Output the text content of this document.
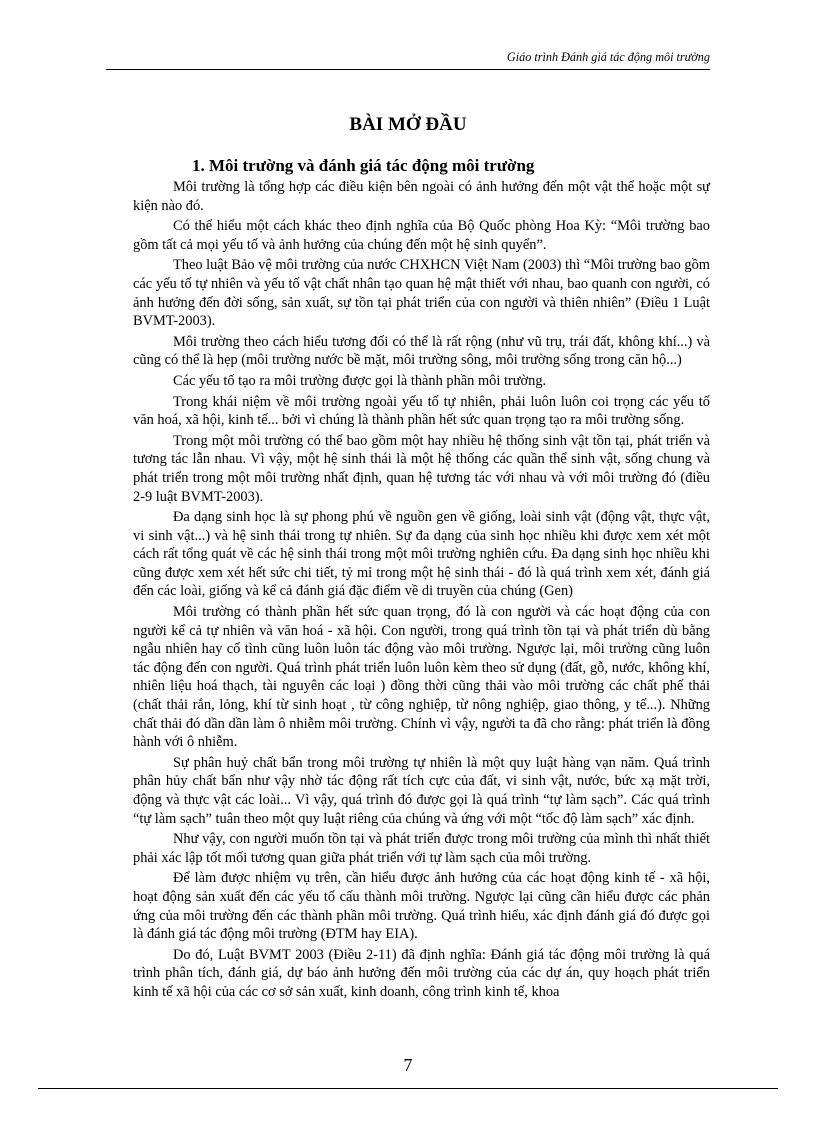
Giáo trình Đánh giá tác động môi trường
BÀI MỞ ĐẦU
1. Môi trường và đánh giá tác động môi trường

Môi trường là tổng hợp các điều kiện bên ngoài có ảnh hưởng đến một vật thể hoặc một sự kiện nào đó.

Có thể hiểu một cách khác theo định nghĩa của Bộ Quốc phòng Hoa Kỳ: “Môi trường bao gồm tất cả mọi yếu tố và ảnh hưởng của chúng đến một hệ sinh quyển”.

Theo luật Bảo vệ môi trường của nước CHXHCN Việt Nam (2003) thì “Môi trường bao gồm các yếu tố tự nhiên và yếu tố vật chất nhân tạo quan hệ mật thiết với nhau, bao quanh con người, có ảnh hưởng đến đời sống, sản xuất, sự tồn tại phát triển của con người và thiên nhiên” (Điều 1 Luật BVMT-2003).

Môi trường theo cách hiểu tương đối có thể là rất rộng (như vũ trụ, trái đất, không khí...) và cũng có thể là hẹp (môi trường nước bề mặt, môi trường sông, môi trường sống trong căn hộ...)

Các yếu tố tạo ra môi trường được gọi là thành phần môi trường.

Trong khái niệm về môi trường ngoài yếu tố tự nhiên, phải luôn luôn coi trọng các yếu tố văn hoá, xã hội, kinh tế... bởi vì chúng là thành phần hết sức quan trọng tạo ra môi trường sống.

Trong một môi trường có thể bao gồm một hay nhiều hệ thống sinh vật tồn tại, phát triển và tương tác lẫn nhau. Vì vậy, một hệ sinh thái là một hệ thống các quần thể sinh vật, sống chung và phát triển trong một môi trường nhất định, quan hệ tương tác với nhau và với môi trường đó (điều 2-9 luật BVMT-2003).

Đa dạng sinh học là sự phong phú về nguồn gen về giống, loài sinh vật (động vật, thực vật, vi sinh vật...) và hệ sinh thái trong tự nhiên. Sự đa dạng của sinh học nhiều khi được xem xét một cách rất tổng quát về các hệ sinh thái trong một môi trường nghiên cứu. Đa dạng sinh học nhiều khi cũng được xem xét hết sức chi tiết, tỷ mỉ trong một hệ sinh thái - đó là quá trình xem xét, đánh giá đến các loài, giống và kể cả đánh giá đặc điểm về di truyền của chúng (Gen)

Môi trường có thành phần hết sức quan trọng, đó là con người và các hoạt động của con người kể cả tự nhiên và văn hoá - xã hội. Con người, trong quá trình tồn tại và phát triển dù bằng ngẫu nhiên hay cố tình cũng luôn luôn tác động vào môi trường. Ngược lại, môi trường cũng luôn tác động đến con người. Quá trình phát triển luôn luôn kèm theo sử dụng (đất, gỗ, nước, không khí, nhiên liệu hoá thạch, tài nguyên các loại ) đồng thời cũng thải vào môi trường các chất phế thải (chất thải rắn, lỏng, khí từ sinh hoạt , từ công nghiệp, từ nông nghiệp, giao thông, y tế...). Những chất thải đó dần dần làm ô nhiễm môi trường. Chính vì vậy, người ta đã cho rằng: phát triển là đồng hành với ô nhiễm.

Sự phân huỷ chất bẩn trong môi trường tự nhiên là một quy luật hàng vạn năm. Quá trình phân hủy chất bẩn như vậy nhờ tác động rất tích cực của đất, vi sinh vật, nước, bức xạ mặt trời, động và thực vật các loài... Vì vậy, quá trình đó được gọi là quá trình “tự làm sạch”. Các quá trình “tự làm sạch” tuân theo một quy luật riêng của chúng và ứng với một “tốc độ làm sạch” xác định.

Như vậy, con người muốn tồn tại và phát triển được trong môi trường của mình thì nhất thiết phải xác lập tốt mối tương quan giữa phát triển với tự làm sạch của môi trường.

Để làm được nhiệm vụ trên, cần hiểu được ảnh hưởng của các hoạt động kinh tế - xã hội, hoạt động sản xuất đến các yếu tố cấu thành môi trường. Ngược lại cũng cần hiểu được các phản ứng của môi trường đến các thành phần môi trường. Quá trình hiểu, xác định đánh giá đó được gọi là đánh giá tác động môi trường (ĐTM hay EIA).

Do đó, Luật BVMT 2003 (Điều 2-11) đã định nghĩa: Đánh giá tác động môi trường là quá trình phân tích, đánh giá, dự báo ảnh hưởng đến môi trường của các dự án, quy hoạch phát triển kinh tế xã hội của các cơ sở sản xuất, kinh doanh, công trình kinh tế, khoa

7
